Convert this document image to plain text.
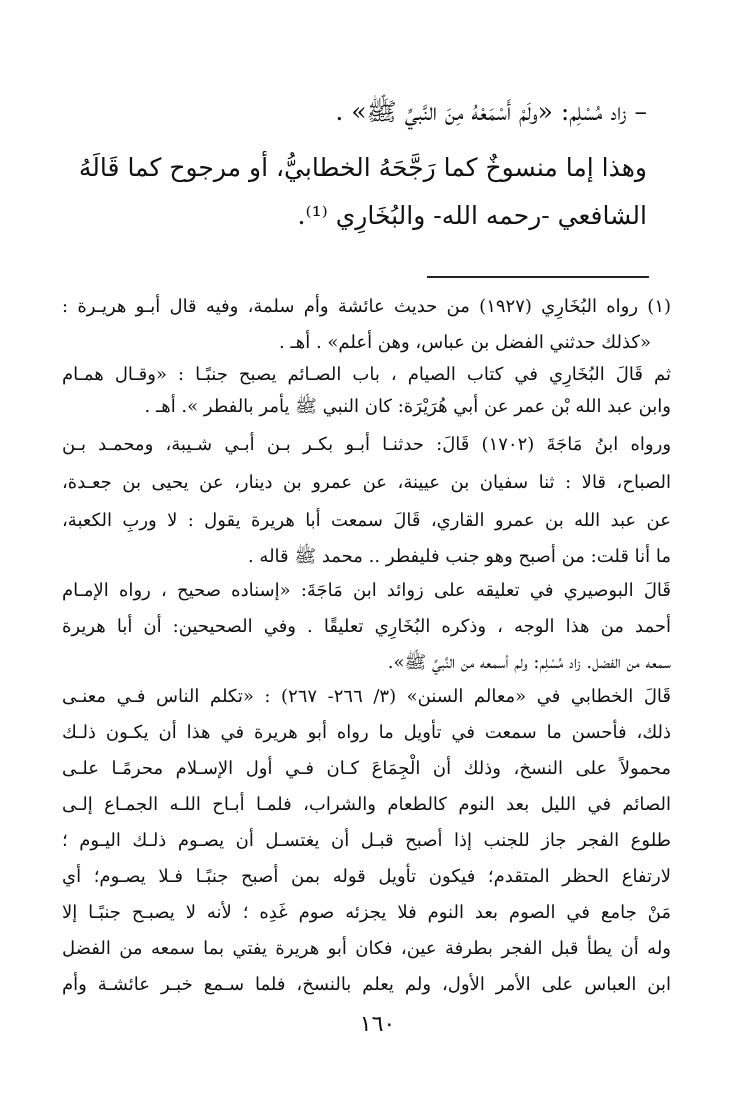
– زاد مُسْلِم: «ولَمْ أَسْمَعْهُ مِنَ النَّبيِّ ﷺ» .
وهذا إما منسوخٌ كما رَجَّحَهُ الخطابيُّ، أو مرجوح كما قَالَهُ
الشافعي -رحمه الله- والبُخَارِي ⁽¹⁾.
(١) رواه البُخَارِي (١٩٢٧) من حديث عائشة وأم سلمة، وفيه قال أبـو هريـرة :
«كذلك حدثني الفضل بن عباس، وهن أعلم» . أهـ .
ثم قَالَ البُخَارِي في كتاب الصيام ، باب الصـائم يصبح جنبًـا : «وقـال همـام
وابن عبد الله بْن عمر عن أبي هُرَيْرَة: كان النبي ﷺ يأمر بالفطر ». أهـ .
ورواه ابنُ مَاجَةَ (١٧٠٢) قَالَ: حدثنـا أبـو بكـر بـن أبـي شـيبة، ومحمـد بـن
الصباح، قالا : ثنا سفيان بن عيينة، عن عمرو بن دينار، عن يحيى بن جعـدة،
عن عبد الله بن عمرو القاري، قَالَ سمعت أبا هريرة يقول : لا وربِ الكعبة،
ما أنا قلت: من أصبح وهو جنب فليفطر .. محمد ﷺ قاله .
قَالَ البوصيري في تعليقه على زوائد ابن مَاجَةَ: «إسناده صحيح ، رواه الإمـام
أحمد من هذا الوجه ، وذكره البُخَارِي تعليقًا . وفي الصحيحين: أن أبا هريرة
سمعه من الفضل. زاد مُسْلِم: ولم أسمعه من النَّبيِّ ﷺ».
قَالَ الخطابي في «معالم السنن» (٣/ ٢٦٦- ٢٦٧) : «تكلم الناس فـي معنـى
ذلك، فأحسن ما سمعت في تأويل ما رواه أبو هريرة في هذا أن يكـون ذلـك
محمولاً على النسخ، وذلك أن الْجِمَاعَ كـان فـي أول الإسـلام محرمًـا علـى
الصائم في الليل بعد النوم كالطعام والشراب، فلمـا أبـاح اللـه الجمـاع إلـى
طلوع الفجر جاز للجنب إذا أصبح قبـل أن يغتسـل أن يصـوم ذلـك اليـوم ؛
لارتفاع الحظر المتقدم؛ فيكون تأويل قوله بمن أصبح جنبًـا فـلا يصـوم؛ أي
مَنْ جامع في الصوم بعد النوم فلا يجزئه صوم غَدِه ؛ لأنه لا يصبـح جنبًـا إلا
وله أن يطأ قبل الفجر بطرفة عين، فكان أبو هريرة يفتي بما سمعه من الفضل
ابن العباس على الأمر الأول، ولم يعلم بالنسخ، فلما سـمع خبـر عائشـة وأم
١٦٠
